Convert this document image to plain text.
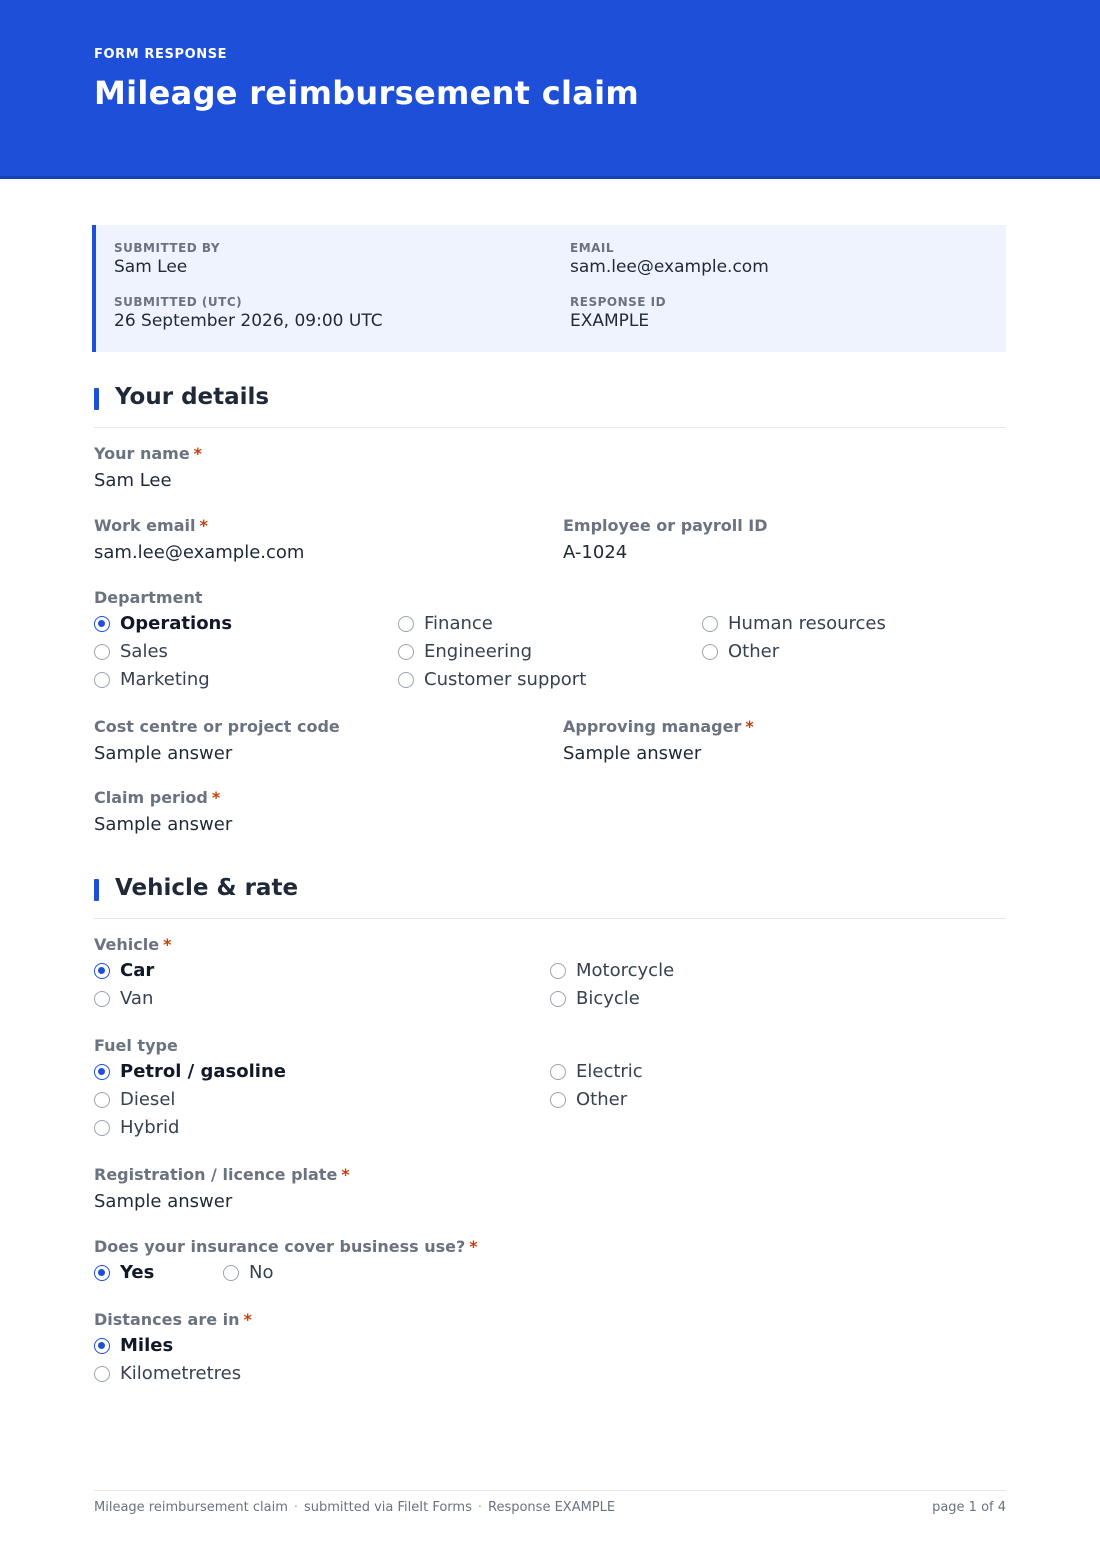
FORM RESPONSE
Mileage reimbursement claim
SUBMITTED BY
Sam Lee
EMAIL
sam.lee@example.com
SUBMITTED (UTC)
26 September 2026, 09:00 UTC
RESPONSE ID
EXAMPLE
Your details
Your name *
Sam Lee
Work email *
sam.lee@example.com
Employee or payroll ID
A-1024
Department
Operations	Finance	Human resources
Sales	Engineering	Other
Marketing	Customer support
Cost centre or project code
Sample answer
Approving manager *
Sample answer
Claim period *
Sample answer
Vehicle & rate
Vehicle *
Car	Motorcycle
Van	Bicycle
Fuel type
Petrol / gasoline	Electric
Diesel	Other
Hybrid
Registration / licence plate *
Sample answer
Does your insurance cover business use? *
Yes	No
Distances are in *
Miles
Kilometretres
Mileage reimbursement claim · submitted via FileIt Forms · Response EXAMPLE	page 1 of 4
